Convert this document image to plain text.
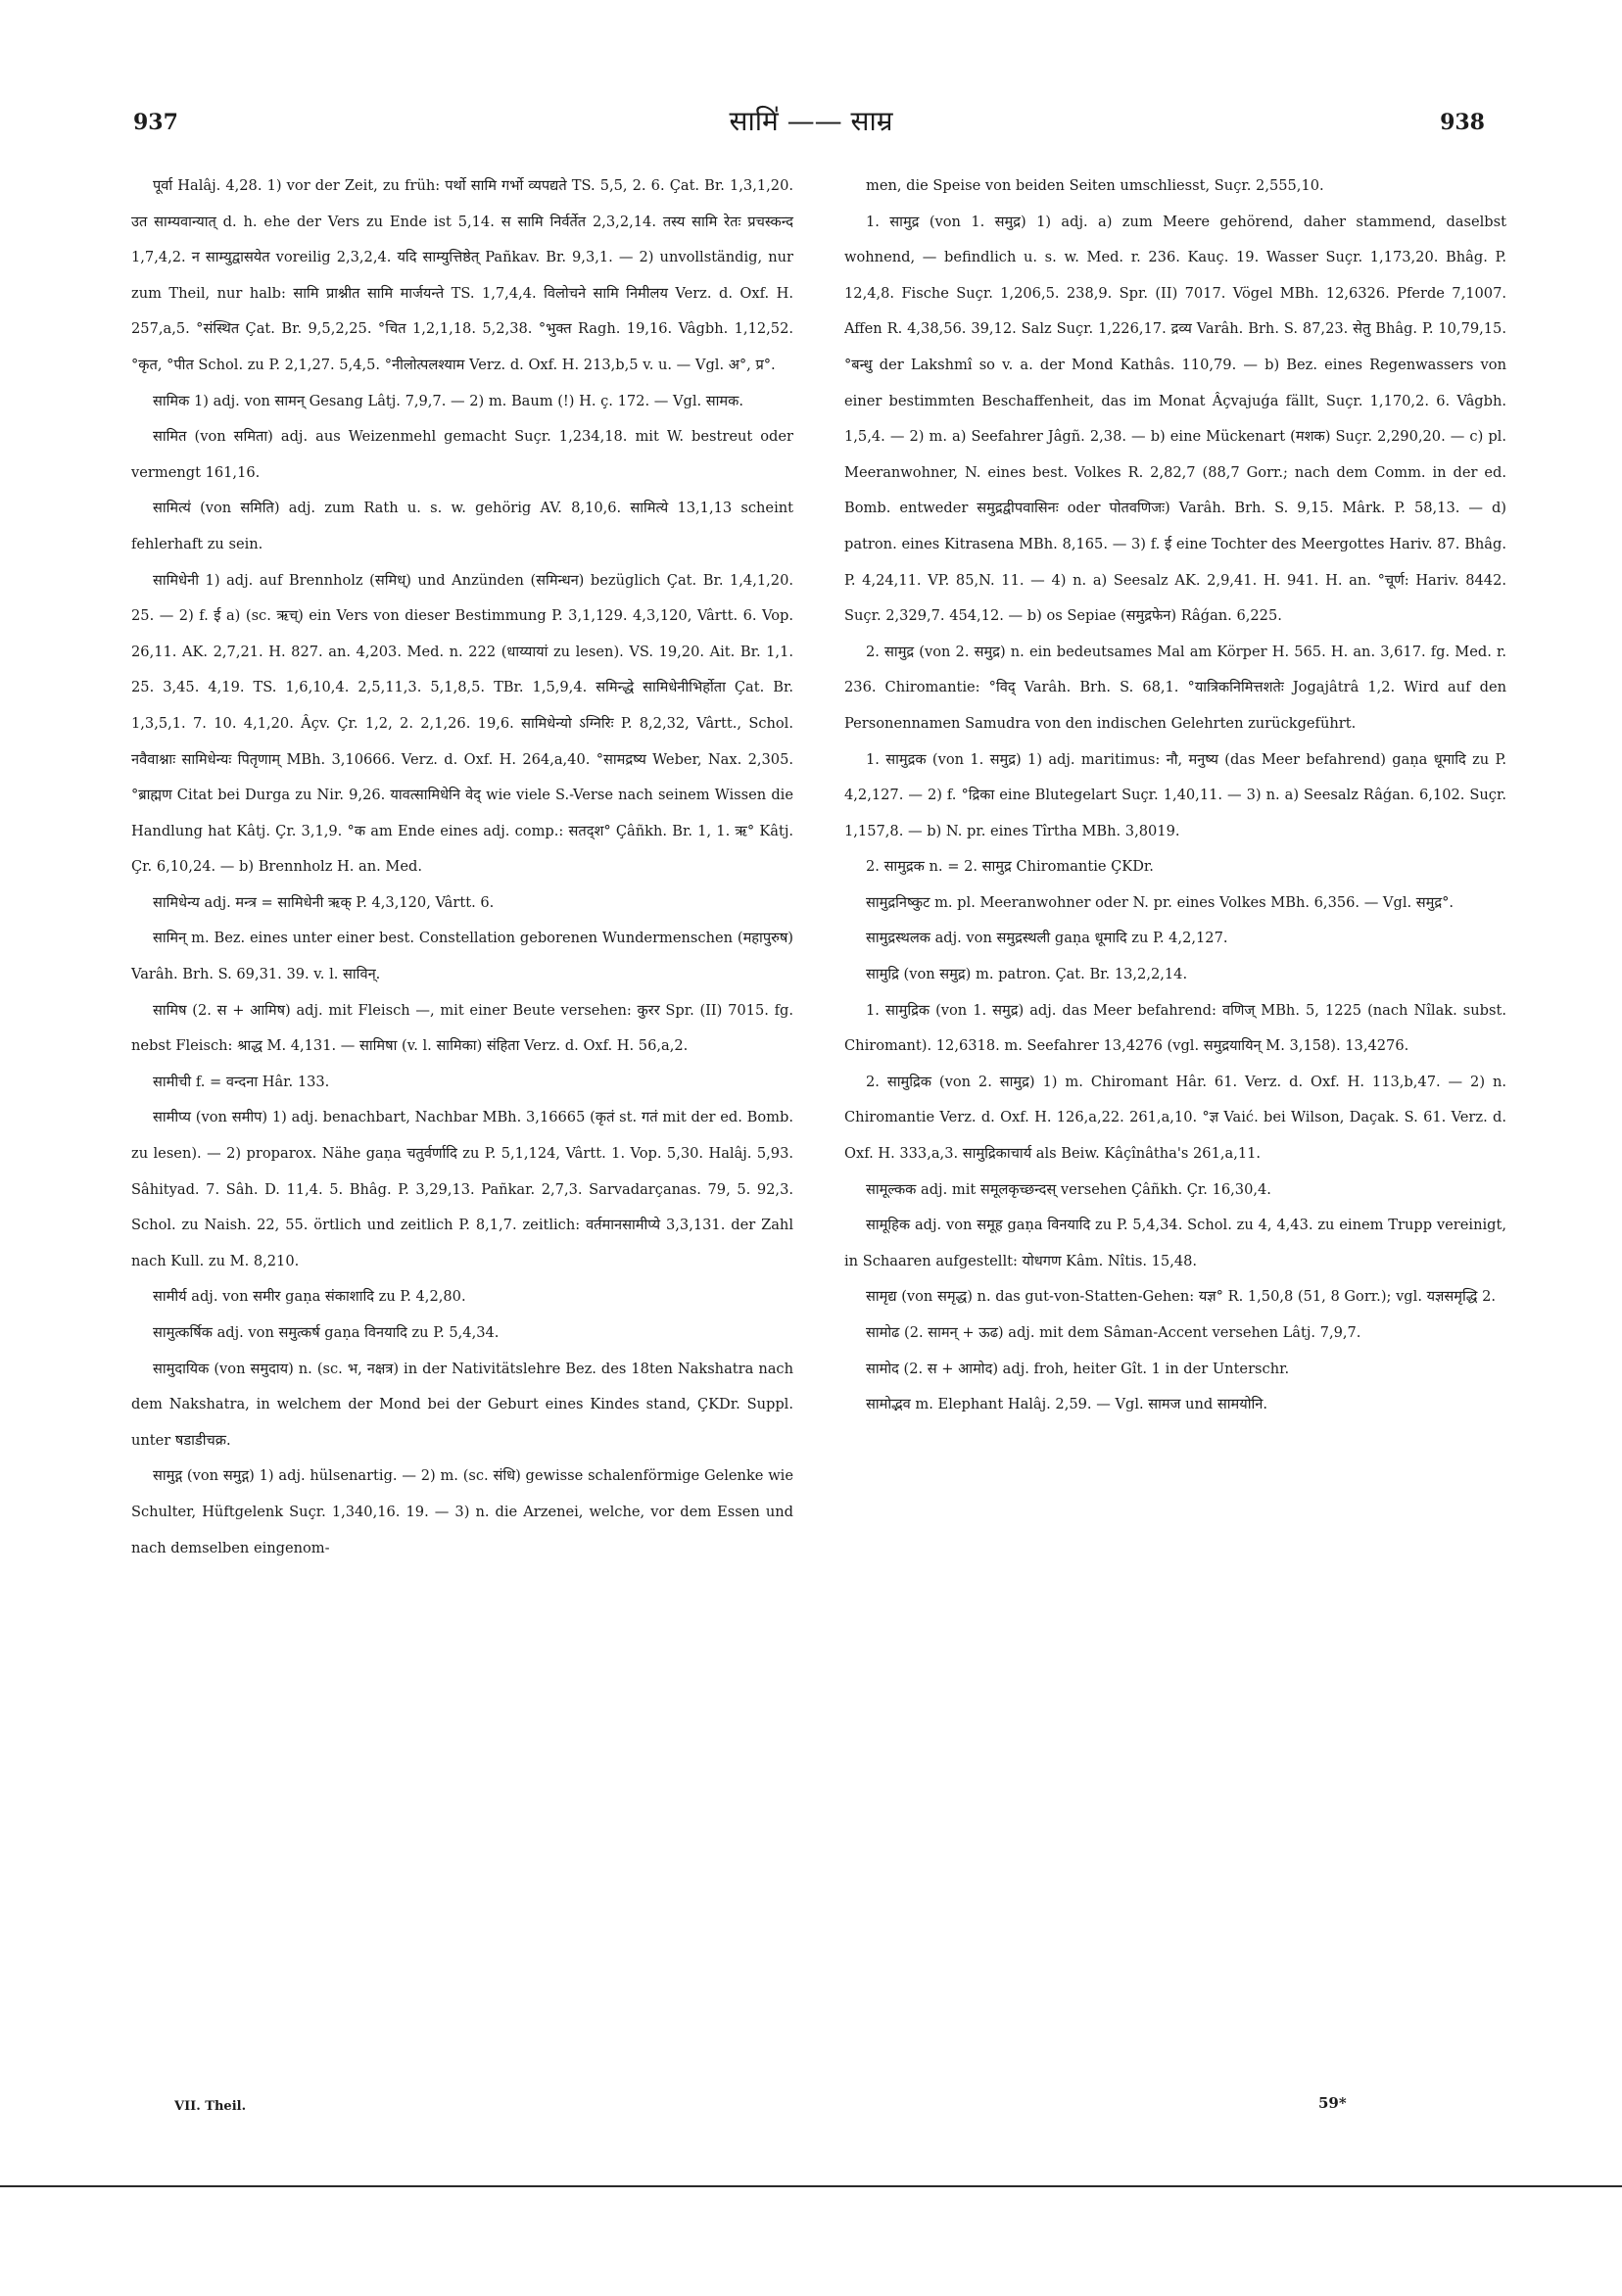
937	सामि॑ —— साम्र	938

पूर्वा Halâj. 4,28. 1) vor der Zeit, zu früh: पर्थो सामि गर्भो व्यपद्यते TS. 5,5, 2. 6. Çat. Br. 1,3,1,20. उत साम्यवान्यात् d. h. ehe der Vers zu Ende ist 5,14. स सामि निर्वर्तेत 2,3,2,14. तस्य सामि रेतः प्रचस्कन्द 1,7,4,2. न साम्युद्वासयेत voreilig 2,3,2,4. यदि साम्युत्तिष्ठेत् Pañkav. Br. 9,3,1. — 2) unvollständig, nur zum Theil, nur halb: सामि प्राश्नीत सामि मार्जयन्ते TS. 1,7,4,4. विलोचने सामि निमीलय Verz. d. Oxf. H. 257,a,5. °संस्थित Çat. Br. 9,5,2,25. °चित 1,2,1,18. 5,2,38. °भुक्त Ragh. 19,16. Vâgbh. 1,12,52. °कृत, °पीत Schol. zu P. 2,1,27. 5,4,5. °नीलोत्पलश्याम Verz. d. Oxf. H. 213,b,5 v. u. — Vgl. अ°, प्र°.

सामिक 1) adj. von सामन् Gesang Lâtj. 7,9,7. — 2) m. Baum (!) H. ç. 172. — Vgl. सामक.

सामित (von समिता) adj. aus Weizenmehl gemacht Suçr. 1,234,18. mit W. bestreut oder vermengt 161,16.

सामित्य॑ (von समिति) adj. zum Rath u. s. w. gehörig AV. 8,10,6. सामित्ये 13,1,13 scheint fehlerhaft zu sein.

सामिधेनी 1) adj. auf Brennholz (समिध्) und Anzünden (समिन्धन) bezüglich Çat. Br. 1,4,1,20. 25. — 2) f. ई a) (sc. ऋच्) ein Vers von dieser Bestimmung P. 3,1,129. 4,3,120, Vârtt. 6. Vop. 26,11. AK. 2,7,21. H. 827. an. 4,203. Med. n. 222 (धाय्यायां zu lesen). VS. 19,20. Ait. Br. 1,1. 25. 3,45. 4,19. TS. 1,6,10,4. 2,5,11,3. 5,1,8,5. TBr. 1,5,9,4. समिन्द्धे सामिधेनीभिर्होता Çat. Br. 1,3,5,1. 7. 10. 4,1,20. Âçv. Çr. 1,2, 2. 2,1,26. 19,6. सामिधेन्यो ऽग्निरिः P. 8,2,32, Vârtt., Schol. नवैवाश्नाः सामिधेन्यः पितृणाम् MBh. 3,10666. Verz. d. Oxf. H. 264,a,40. °सामद्रष्य Weber, Nax. 2,305. °ब्राह्मण Citat bei Durga zu Nir. 9,26. यावत्सामिधेनि वेद् wie viele S.-Verse nach seinem Wissen die Handlung hat Kâtj. Çr. 3,1,9. °क am Ende eines adj. comp.: सतद्श° Çâñkh. Br. 1, 1. ऋ° Kâtj. Çr. 6,10,24. — b) Brennholz H. an. Med.

सामिधेन्य adj. मन्त्र = सामिधेनी ऋक् P. 4,3,120, Vârtt. 6.

सामिन् m. Bez. eines unter einer best. Constellation geborenen Wundermenschen (महापुरुष) Varâh. Brh. S. 69,31. 39. v. l. साविन्.

सामिष (2. स + आमिष) adj. mit Fleisch —, mit einer Beute versehen: कुरर Spr. (II) 7015. fg. nebst Fleisch: श्राद्ध M. 4,131. — सामिषा (v. l. सामिका) संहिता Verz. d. Oxf. H. 56,a,2.

सामीची f. = वन्दना Hâr. 133.

सामीप्य (von समीप) 1) adj. benachbart, Nachbar MBh. 3,16665 (कृतं st. गतं mit der ed. Bomb. zu lesen). — 2) proparox. Nähe gaṇa चतुर्वर्णादि zu P. 5,1,124, Vârtt. 1. Vop. 5,30. Halâj. 5,93. Sâhityad. 7. Sâh. D. 11,4. 5. Bhâg. P. 3,29,13. Pañkar. 2,7,3. Sarvadarçanas. 79, 5. 92,3. Schol. zu Naish. 22, 55. örtlich und zeitlich P. 8,1,7. zeitlich: वर्तमानसामीप्ये 3,3,131. der Zahl nach Kull. zu M. 8,210.

सामीर्य adj. von समीर gaṇa संकाशादि zu P. 4,2,80.

सामुत्कर्षिक adj. von समुत्कर्ष gaṇa विनयादि zu P. 5,4,34.

सामुदायिक (von समुदाय) n. (sc. भ, नक्षत्र) in der Nativitätslehre Bez. des 18ten Nakshatra nach dem Nakshatra, in welchem der Mond bei der Geburt eines Kindes stand, ÇKDr. Suppl. unter षडाडीचक्र.

सामुद्ग (von समुद्ग) 1) adj. hülsenartig. — 2) m. (sc. संधि) gewisse schalenförmige Gelenke wie Schulter, Hüftgelenk Suçr. 1,340,16. 19. — 3) n. die Arzenei, welche, vor dem Essen und nach demselben eingenom-

men, die Speise von beiden Seiten umschliesst, Suçr. 2,555,10.

1. सामुद्र (von 1. समुद्र) 1) adj. a) zum Meere gehörend, daher stammend, daselbst wohnend, — befindlich u. s. w. Med. r. 236. Kauç. 19. Wasser Suçr. 1,173,20. Bhâg. P. 12,4,8. Fische Suçr. 1,206,5. 238,9. Spr. (II) 7017. Vögel MBh. 12,6326. Pferde 7,1007. Affen R. 4,38,56. 39,12. Salz Suçr. 1,226,17. द्रव्य Varâh. Brh. S. 87,23. सेतु Bhâg. P. 10,79,15. °बन्धु der Lakshmî so v. a. der Mond Kathâs. 110,79. — b) Bez. eines Regenwassers von einer bestimmten Beschaffenheit, das im Monat Âçvajuǵa fällt, Suçr. 1,170,2. 6. Vâgbh. 1,5,4. — 2) m. a) Seefahrer Jâgñ. 2,38. — b) eine Mückenart (मशक) Suçr. 2,290,20. — c) pl. Meeranwohner, N. eines best. Volkes R. 2,82,7 (88,7 Gorr.; nach dem Comm. in der ed. Bomb. entweder समुद्रद्वीपवासिनः oder पोतवणिजः) Varâh. Brh. S. 9,15. Mârk. P. 58,13. — d) patron. eines Kitrasena MBh. 8,165. — 3) f. ई eine Tochter des Meergottes Hariv. 87. Bhâg. P. 4,24,11. VP. 85,N. 11. — 4) n. a) Seesalz AK. 2,9,41. H. 941. H. an. °चूर्ण: Hariv. 8442. Suçr. 2,329,7. 454,12. — b) os Sepiae (समुद्रफेन) Râǵan. 6,225.

2. सामुद्र (von 2. समुद्र) n. ein bedeutsames Mal am Körper H. 565. H. an. 3,617. fg. Med. r. 236. Chiromantie: °विद् Varâh. Brh. S. 68,1. °यात्रिकनिमित्तशतेः Jogajâtrâ 1,2. Wird auf den Personennamen Samudra von den indischen Gelehrten zurückgeführt.

1. सामुद्रक (von 1. समुद्र) 1) adj. maritimus: नौ, मनुष्य (das Meer befahrend) gaṇa धूमादि zu P. 4,2,127. — 2) f. °द्रिका eine Blutegelart Suçr. 1,40,11. — 3) n. a) Seesalz Râǵan. 6,102. Suçr. 1,157,8. — b) N. pr. eines Tîrtha MBh. 3,8019.

2. सामुद्रक n. = 2. सामुद्र Chiromantie ÇKDr.

सामुद्रनिष्कुट m. pl. Meeranwohner oder N. pr. eines Volkes MBh. 6,356. — Vgl. समुद्र°.

सामुद्रस्थलक adj. von समुद्रस्थली gaṇa धूमादि zu P. 4,2,127.

सामुद्रि (von समुद्र) m. patron. Çat. Br. 13,2,2,14.

1. सामुद्रिक (von 1. समुद्र) adj. das Meer befahrend: वणिज् MBh. 5, 1225 (nach Nîlak. subst. Chiromant). 12,6318. m. Seefahrer 13,4276 (vgl. समुद्रयायिन् M. 3,158). 13,4276.

2. सामुद्रिक (von 2. सामुद्र) 1) m. Chiromant Hâr. 61. Verz. d. Oxf. H. 113,b,47. — 2) n. Chiromantie Verz. d. Oxf. H. 126,a,22. 261,a,10. °ज्ञ Vaić. bei Wilson, Daçak. S. 61. Verz. d. Oxf. H. 333,a,3. सामुद्रिकाचार्य als Beiw. Kâçînâtha's 261,a,11.

सामूल्कक adj. mit समूलकृच्छन्दस् versehen Çâñkh. Çr. 16,30,4.

सामूहिक adj. von समूह gaṇa विनयादि zu P. 5,4,34. Schol. zu 4, 4,43. zu einem Trupp vereinigt, in Schaaren aufgestellt: योधगण Kâm. Nîtis. 15,48.

सामृद्य (von समृद्ध) n. das gut-von-Statten-Gehen: यज्ञ° R. 1,50,8 (51, 8 Gorr.); vgl. यज्ञसमृद्धि 2.

सामोढ (2. सामन् + ऊढ) adj. mit dem Sâman-Accent versehen Lâtj. 7,9,7.

सामोद (2. स + आमोद) adj. froh, heiter Gît. 1 in der Unterschr.

सामोद्भव m. Elephant Halâj. 2,59. — Vgl. सामज und सामयोनि.

VII. Theil.	59*
